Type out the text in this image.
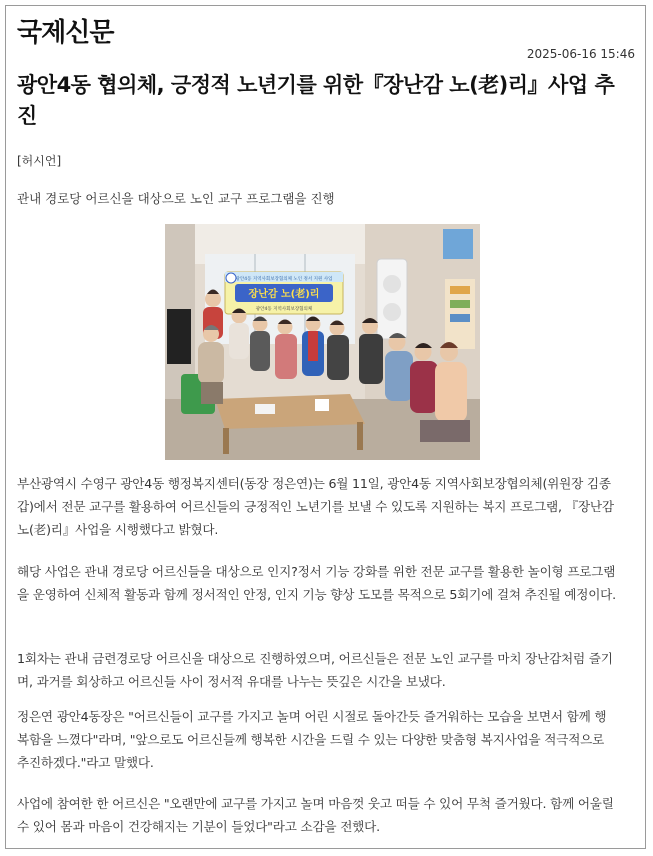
국제신문
2025-06-16 15:46
광안4동 협의체, 긍정적 노년기를 위한『장난감 노(老)리』사업 추진
[허시언]
관내 경로당 어르신을 대상으로 노인 교구 프로그램을 진행
광안4동 지역사회보장협의체 노인 정서 지원 사업
장난감 노(老)리
광안4동 지역사회보장협의체
부산광역시 수영구 광안4동 행정복지센터(동장 정은연)는 6월 11일, 광안4동 지역사회보장협의체(위원장 김종갑)에서 전문 교구를 활용하여 어르신들의 긍정적인 노년기를 보낼 수 있도록 지원하는 복지 프로그램, 『장난감 노(老)리』사업을 시행했다고 밝혔다.
해당 사업은 관내 경로당 어르신들을 대상으로 인지?정서 기능 강화를 위한 전문 교구를 활용한 놀이형 프로그램을 운영하여 신체적 활동과 함께 정서적인 안정, 인지 기능 향상 도모를 목적으로 5회기에 걸쳐 추진될 예정이다.
1회차는 관내 금련경로당 어르신을 대상으로 진행하였으며, 어르신들은 전문 노인 교구를 마치 장난감처럼 즐기며, 과거를 회상하고 어르신들 사이 정서적 유대를 나누는 뜻깊은 시간을 보냈다.
정은연 광안4동장은 "어르신들이 교구를 가지고 놀며 어린 시절로 돌아간듯 즐거워하는 모습을 보면서 함께 행복함을 느꼈다"라며, "앞으로도 어르신들께 행복한 시간을 드릴 수 있는 다양한 맞춤형 복지사업을 적극적으로 추진하겠다."라고 말했다.
사업에 참여한 한 어르신은 "오랜만에 교구를 가지고 놀며 마음껏 웃고 떠들 수 있어 무척 즐거웠다. 함께 어울릴 수 있어 몸과 마음이 건강해지는 기분이 들었다"라고 소감을 전했다.
